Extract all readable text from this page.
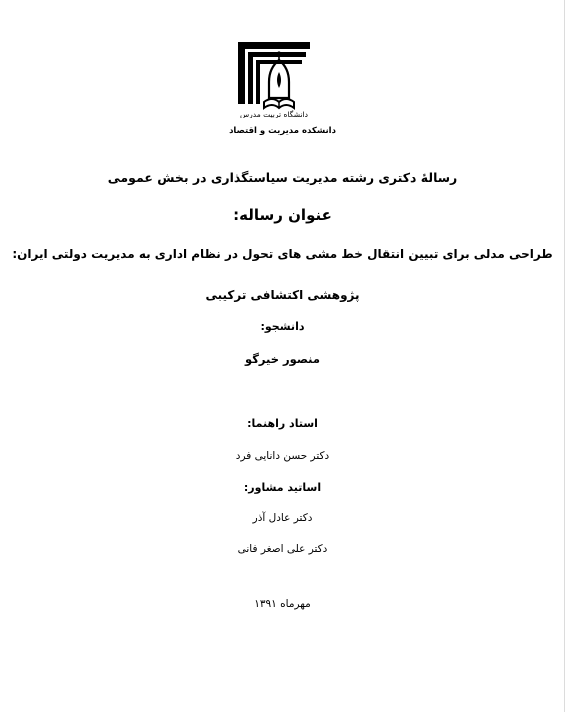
دانشگاه تربیت مدرس
دانشکده مدیریت و اقتصاد
رسالهٔ دکتری رشته مدیریت سیاستگذاری در بخش عمومی
عنوان رساله:
طراحی مدلی برای تبیین انتقال خط مشی های تحول در نظام اداری به مدیریت دولتی ایران:
پژوهشی اکتشافی ترکیبی
دانشجو:
منصور خیرگو
استاد راهنما:
دکتر حسن دانایی فرد
اساتید مشاور:
دکتر عادل آذر
دکتر علی اصغر فانی
مهرماه ۱۳۹۱
